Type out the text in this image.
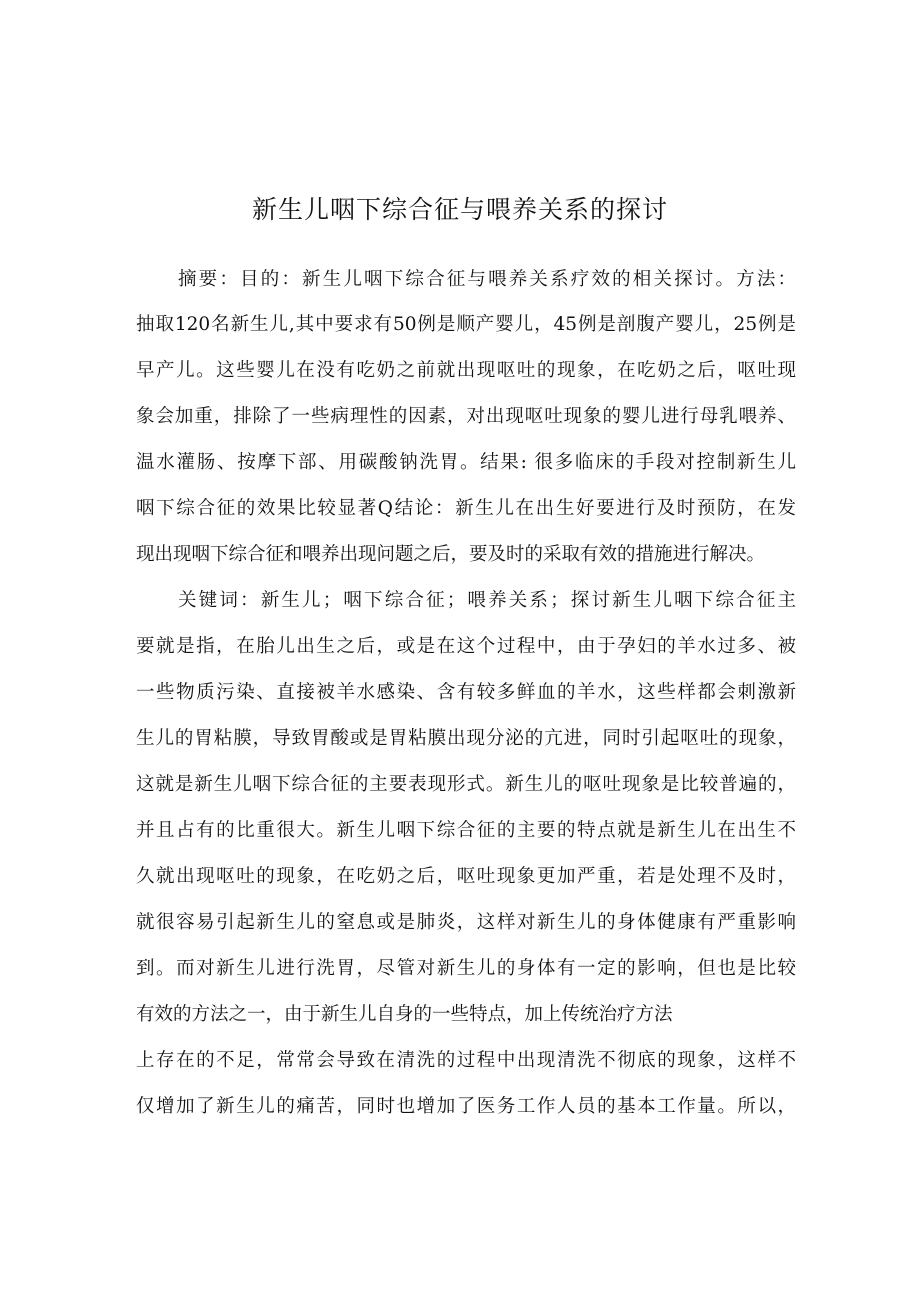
新生儿咽下综合征与喂养关系的探讨

摘要：目的：新生儿咽下综合征与喂养关系疗效的相关探讨。方法：

抽取120名新生儿,其中要求有50例是顺产婴儿，45例是剖腹产婴儿，25例是

早产儿。这些婴儿在没有吃奶之前就出现呕吐的现象，在吃奶之后，呕吐现

象会加重，排除了一些病理性的因素，对出现呕吐现象的婴儿进行母乳喂养、

温水灌肠、按摩下部、用碳酸钠洗胃。结果: 很多临床的手段对控制新生儿

咽下综合征的效果比较显著Q结论：新生儿在出生好要进行及时预防，在发

现出现咽下综合征和喂养出现问题之后，要及时的采取有效的措施进行解决。

关键词：新生儿；咽下综合征；喂养关系；探讨新生儿咽下综合征主

要就是指，在胎儿出生之后，或是在这个过程中，由于孕妇的羊水过多、被

一些物质污染、直接被羊水感染、含有较多鲜血的羊水，这些样都会刺激新

生儿的胃粘膜，导致胃酸或是胃粘膜出现分泌的亢进，同时引起呕吐的现象，

这就是新生儿咽下综合征的主要表现形式。新生儿的呕吐现象是比较普遍的，

并且占有的比重很大。新生儿咽下综合征的主要的特点就是新生儿在出生不

久就出现呕吐的现象，在吃奶之后，呕吐现象更加严重，若是处理不及时，

就很容易引起新生儿的窒息或是肺炎，这样对新生儿的身体健康有严重影响

到。而对新生儿进行洗胃，尽管对新生儿的身体有一定的影响，但也是比较

有效的方法之一，由于新生儿自身的一些特点，加上传统治疗方法

上存在的不足，常常会导致在清洗的过程中出现清洗不彻底的现象，这样不

仅增加了新生儿的痛苦，同时也增加了医务工作人员的基本工作量。所以，
